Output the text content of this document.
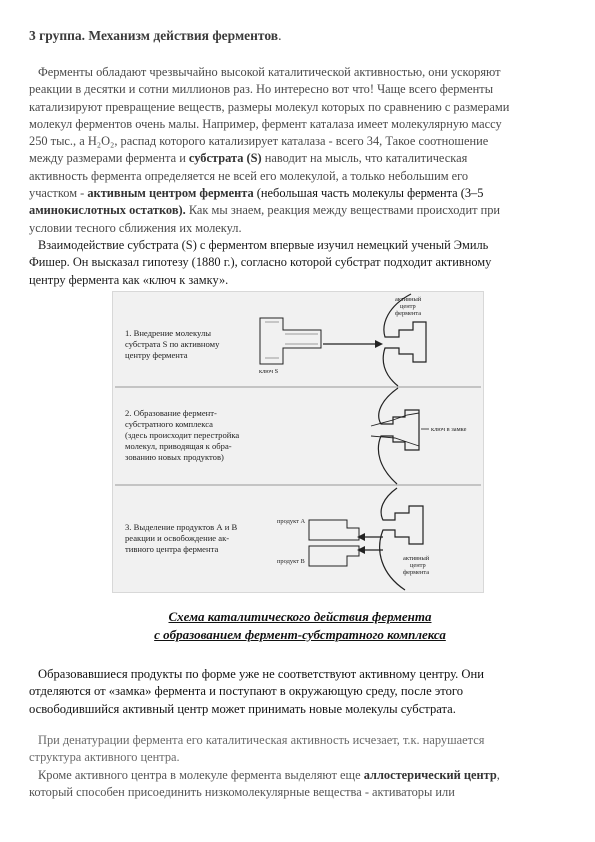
3 группа. Механизм действия ферментов.
Ферменты обладают чрезвычайно высокой каталитической активностью, они ускоряют
реакции в десятки и сотни миллионов раз. Но интересно вот что! Чаще всего ферменты
катализируют превращение веществ, размеры молекул которых по сравнению с размерами
молекул ферментов очень малы. Например, фермент каталаза имеет молекулярную массу
250 тыс., а H₂O₂, распад которого катализирует каталаза - всего 34, Такое соотношение
между размерами фермента и субстрата (S) наводит на мысль, что каталитическая
активность фермента определяется не всей его молекулой, а только небольшим его
участком - активным центром фермента (небольшая часть молекулы фермента (3–5
аминокислотных остатков). Как мы знаем, реакция между веществами происходит при
условии тесного сближения их молекул.
Взаимодействие субстрата (S) с ферментом впервые изучил немецкий ученый Эмиль
Фишер. Он высказал гипотезу (1880 г.), согласно которой субстрат подходит активному
центру фермента как «ключ к замку».
1. Внедрение молекулы
субстрата S по активному
центру фермента
ключ S
активный
центр
фермента
2. Образование фермент-
субстратного комплекса
(здесь происходит перестройка
молекул, приводящая к обра-
зованию новых продуктов)
ключ в замке
3. Выделение продуктов А и В
реакции и освобождение ак-
тивного центра фермента
продукт А
продукт В	активный
центр
фермента
Схема каталитического действия фермента
с образованием фермент-субстратного комплекса
Образовавшиеся продукты по форме уже не соответствуют активному центру. Они
отделяются от «замка» фермента и поступают в окружающую среду, после этого
освободившийся активный центр может принимать новые молекулы субстрата.
При денатурации фермента его каталитическая активность исчезает, т.к. нарушается
структура активного центра.
Кроме активного центра в молекуле фермента выделяют еще аллостерический центр,
который способен присоединить низкомолекулярные вещества - активаторы или
